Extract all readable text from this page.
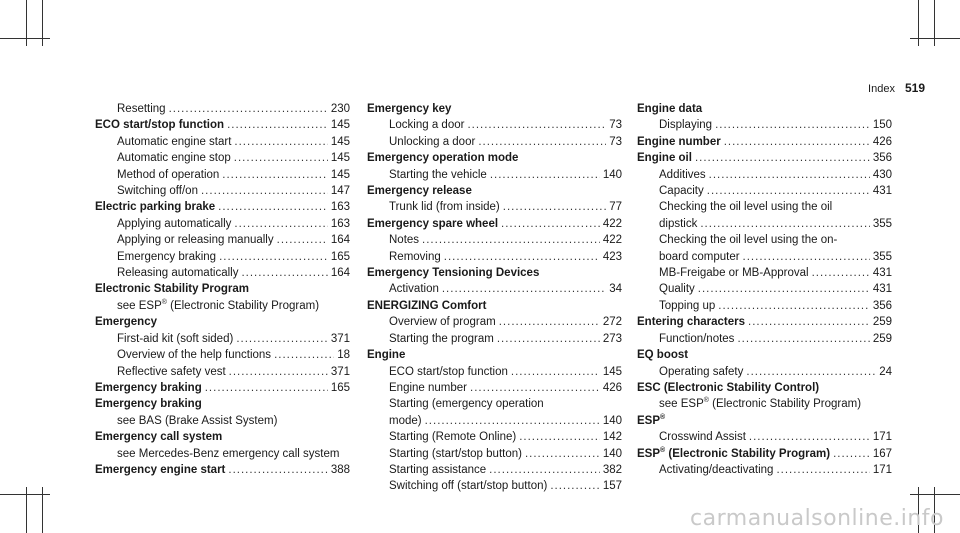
Index 519
Resetting .....	230
ECO start/stop function .....	145
Automatic engine start .....	145
Automatic engine stop .....	145
Method of operation .....	145
Switching off/on .....	147
Electric parking brake .....	163
Applying automatically .....	163
Applying or releasing manually .....	164
Emergency braking .....	165
Releasing automatically .....	164
Electronic Stability Program
see ESP® (Electronic Stability Program)
Emergency
First-aid kit (soft sided) .....	371
Overview of the help functions .....	18
Reflective safety vest .....	371
Emergency braking .....	165
Emergency braking
see BAS (Brake Assist System)
Emergency call system
see Mercedes-Benz emergency call system
Emergency engine start .....	388
Emergency key
Locking a door .....	73
Unlocking a door .....	73
Emergency operation mode
Starting the vehicle .....	140
Emergency release
Trunk lid (from inside) .....	77
Emergency spare wheel .....	422
Notes .....	422
Removing .....	423
Emergency Tensioning Devices
Activation .....	34
ENERGIZING Comfort
Overview of program .....	272
Starting the program .....	273
Engine
ECO start/stop function .....	145
Engine number .....	426
Starting (emergency operation
mode) .....	140
Starting (Remote Online) .....	142
Starting (start/stop button) .....	140
Starting assistance .....	382
Switching off (start/stop button) .....	157
Engine data
Displaying .....	150
Engine number .....	426
Engine oil .....	356
Additives .....	430
Capacity .....	431
Checking the oil level using the oil
dipstick .....	355
Checking the oil level using the on-
board computer .....	355
MB-Freigabe or MB-Approval .....	431
Quality .....	431
Topping up .....	356
Entering characters .....	259
Function/notes .....	259
EQ boost
Operating safety .....	24
ESC (Electronic Stability Control)
see ESP® (Electronic Stability Program)
ESP®
Crosswind Assist .....	171
ESP® (Electronic Stability Program) .....	167
Activating/deactivating .....	171
carmanualsonline.info
